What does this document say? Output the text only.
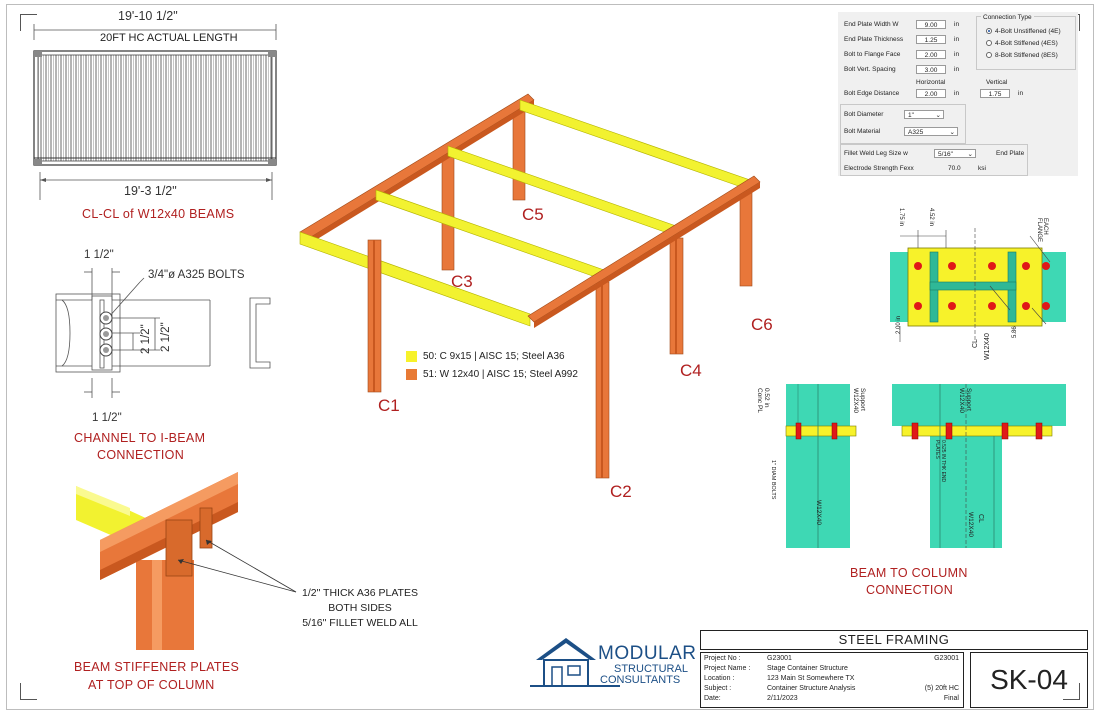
19'-10 1/2"
20FT HC ACTUAL LENGTH
19'-3 1/2"
CL-CL of W12x40 BEAMS
1 1/2"
3/4"ø A325 BOLTS
2 1/2" 2 1/2"
1 1/2"
CHANNEL TO I-BEAM
CONNECTION
C1
C2
C3
C4
C5
C6
50: C 9x15 | AISC 15; Steel A36
51: W 12x40 | AISC 15; Steel A992
1/2" THICK A36 PLATES
BOTH SIDES
5/16" FILLET WELD ALL
BEAM STIFFENER PLATES
AT TOP OF COLUMN
End Plate Width W	9.00	in
End Plate Thickness	1.25	in
Bolt to Flange Face	2.00	in
Bolt Vert. Spacing	3.00	in
Horizontal	Vertical
Bolt Edge Distance	2.00	in	1.75	in
Connection Type
4-Bolt Unstiffened (4E)
4-Bolt Stiffened (4ES)
8-Bolt Stiffened (8ES)
Bolt Diameter	1"	⌄
Bolt Material	A325	⌄
Fillet Weld Leg Size w	5/16" ⌄	End Plate
Electrode Strength Fexx	70.0	ksi
1.75 in	4.52 in
EACH FLANGE
2.00 in
CL W12X40
5.86
0.52 in Conc PL	Support W12X40
1" DIAM BOLTS
W12X40
Support W12X40
0.525 IN THK END PLATES
CL
W12X40
BEAM TO COLUMN
CONNECTION
MODULAR
STRUCTURAL
CONSULTANTS
STEEL FRAMING
Project No :	G23001	G23001
Project Name : Stage Container Structure
Location :	123 Main St Somewhere TX
Subject :	Container Structure Analysis	(5) 20ft HC
Date:	2/11/2023	Final
SK-04
